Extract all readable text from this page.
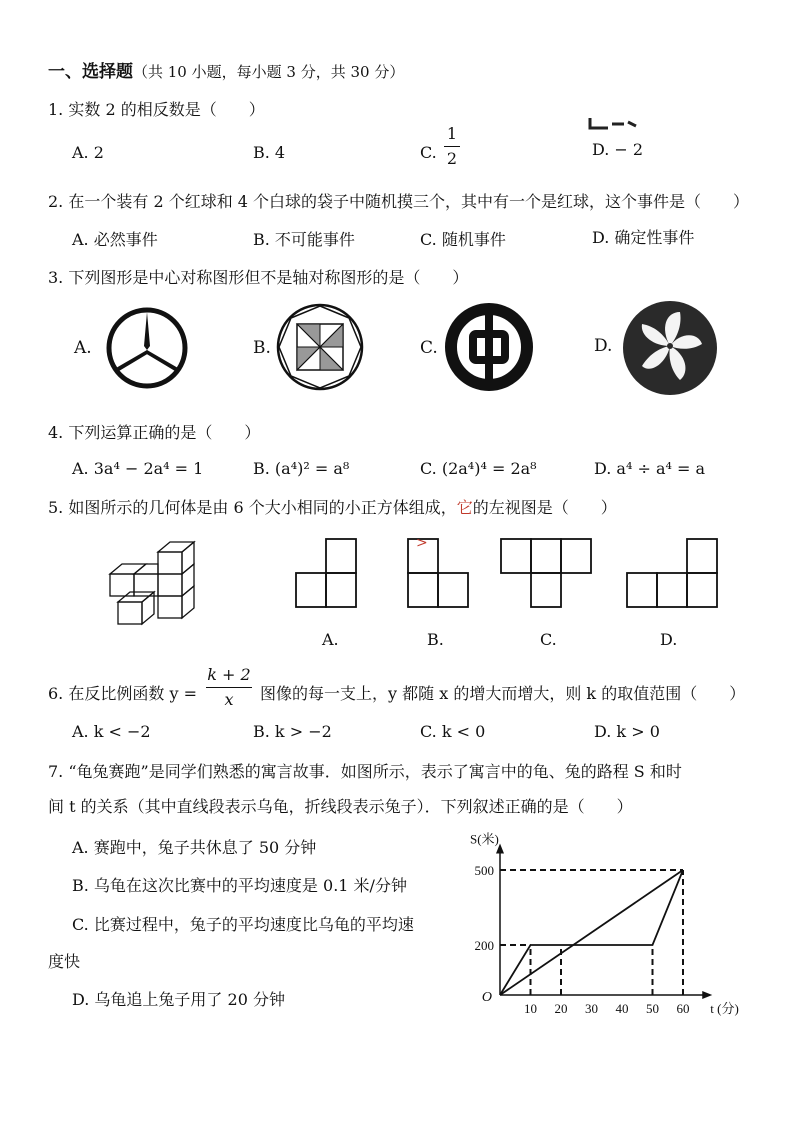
一、选择题（共 10 小题，每小题 3 分，共 30 分）
1. 实数 2 的相反数是（　　）
A. 2	B. 4	C.
1
2	D. − 2
2. 在一个装有 2 个红球和 4 个白球的袋子中随机摸三个，其中有一个是红球，这个事件是（　　）
A. 必然事件	B. 不可能事件	C. 随机事件	D. 确定性事件
3. 下列图形是中心对称图形但不是轴对称图形的是（　　）
A.	B.	C.	D.
4. 下列运算正确的是（　　）
A. 3a⁴ − 2a⁴ = 1	B. (a⁴)² = a⁸	C. (2a⁴)⁴ = 2a⁸	D. a⁴ ÷ a⁴ = a
5. 如图所示的几何体是由 6 个大小相同的小正方体组成，它的左视图是（　　）
>
A.	B.	C.	D.
6. 在反比例函数 y =
k + 2
x	图像的每一支上，y 都随 x 的增大而增大，则 k 的取值范围（　　）
A. k < −2	B. k > −2	C. k < 0	D. k > 0
7. “龟兔赛跑”是同学们熟悉的寓言故事．如图所示，表示了寓言中的龟、兔的路程 S 和时
间 t 的关系（其中直线段表示乌龟，折线段表示兔子）．下列叙述正确的是（　　）
A. 赛跑中，兔子共休息了 50 分钟
B. 乌龟在这次比赛中的平均速度是 0.1 米/分钟
C. 比赛过程中，兔子的平均速度比乌龟的平均速
度快
D. 乌龟追上兔子用了 20 分钟	10 20 30 40 50 60
200
500
O
S(米)
t (分)
